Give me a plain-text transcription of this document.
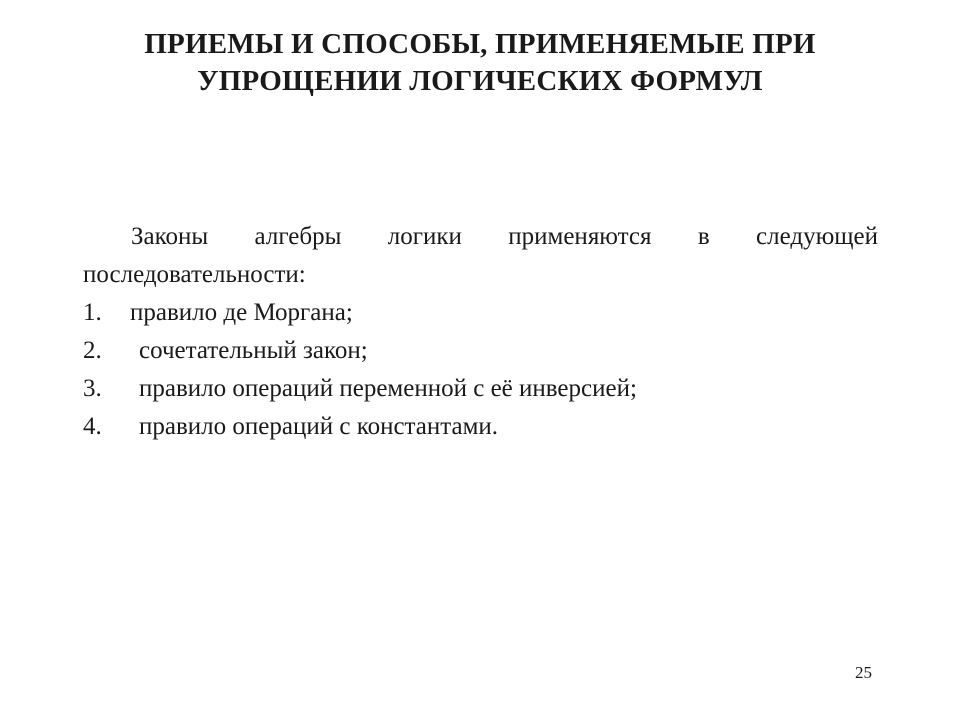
ПРИЕМЫ И СПОСОБЫ, ПРИМЕНЯЕМЫЕ ПРИ
УПРОЩЕНИИ ЛОГИЧЕСКИХ ФОРМУЛ

Законы алгебры логики применяются в следующей последовательности:

1.	правило де Моргана;
2.	сочетательный закон;
3.	правило операций переменной с её инверсией;
4.	правило операций с константами.
25
